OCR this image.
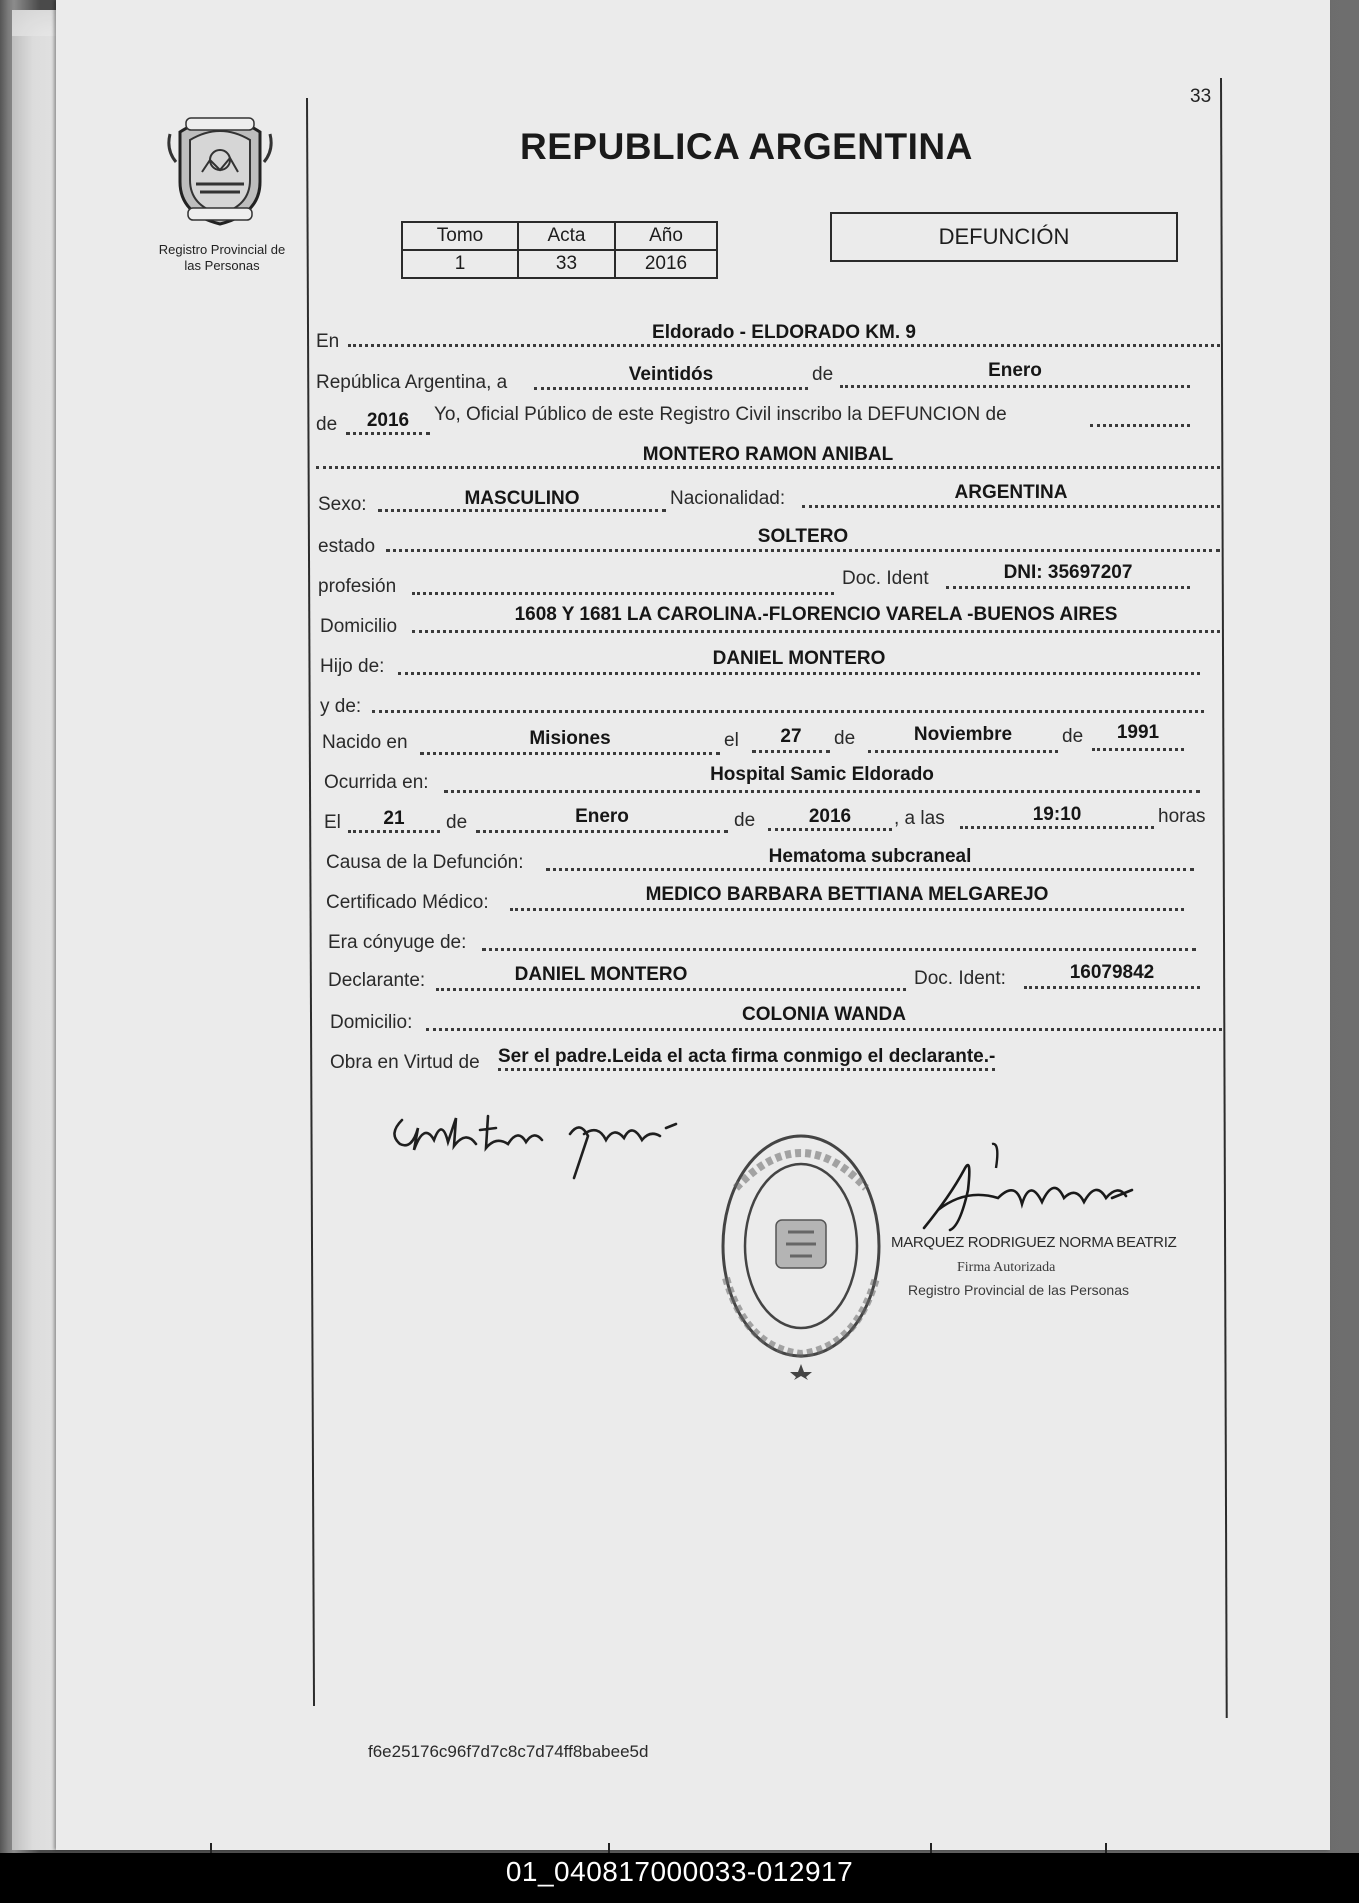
33
Registro Provincial de
las Personas
REPUBLICA ARGENTINA
Tomo	Acta	Año
1	33	2016
DEFUNCIÓN
En	Eldorado - ELDORADO KM. 9
República Argentina, a	Veintidós	de	Enero
de	2016	Yo, Oficial Público de este Registro Civil inscribo la DEFUNCION de
MONTERO RAMON ANIBAL
Sexo:	MASCULINO	Nacionalidad:	ARGENTINA
estado	SOLTERO
profesión	Doc. Ident	DNI: 35697207
Domicilio
1608 Y 1681 LA CAROLINA.-FLORENCIO VARELA -BUENOS AIRES
Hijo de:	DANIEL MONTERO
y de:
Nacido en	Misiones	el	27	de	Noviembre	de	1991
Ocurrida en:	Hospital Samic Eldorado
El	21	de	Enero	de	2016	, a las	19:10	horas
Causa de la Defunción:	Hematoma subcraneal
Certificado Médico:	MEDICO BARBARA BETTIANA MELGAREJO
Era cónyuge de:
Declarante:	DANIEL MONTERO	Doc. Ident:	16079842
Domicilio:	COLONIA WANDA
Obra en Virtud de Ser el padre.Leida el acta firma conmigo el declarante.-
MARQUEZ RODRIGUEZ NORMA BEATRIZ
Firma Autorizada
Registro Provincial de las Personas
f6e25176c96f7d7c8c7d74ff8babee5d
01_040817000033-012917
